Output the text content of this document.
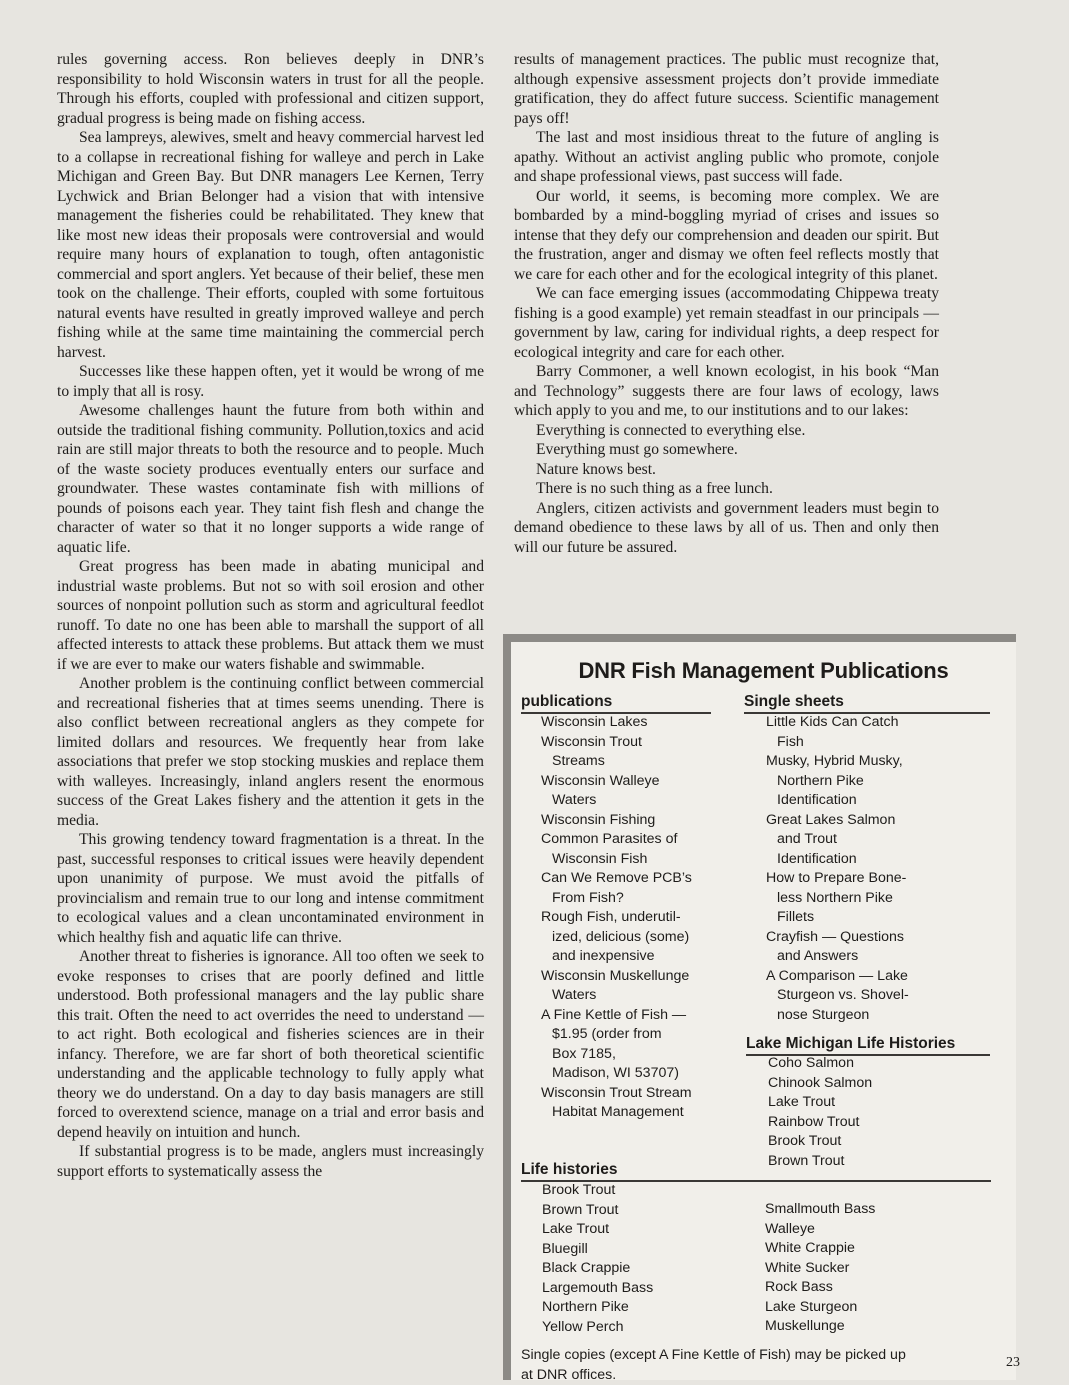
rules governing access. Ron believes deeply in DNR’s responsibility to hold Wisconsin waters in trust for all the people. Through his efforts, coupled with professional and citizen support, gradual progress is being made on fishing access.

Sea lampreys, alewives, smelt and heavy commercial harvest led to a collapse in recreational fishing for walleye and perch in Lake Michigan and Green Bay. But DNR managers Lee Kernen, Terry Lychwick and Brian Belonger had a vision that with intensive management the fisheries could be rehabilitated. They knew that like most new ideas their proposals were controversial and would require many hours of explanation to tough, often antagonistic commercial and sport anglers. Yet because of their belief, these men took on the challenge. Their efforts, coupled with some fortuitous natural events have resulted in greatly improved walleye and perch fishing while at the same time maintaining the commercial perch harvest.

Successes like these happen often, yet it would be wrong of me to imply that all is rosy.

Awesome challenges haunt the future from both within and outside the traditional fishing community. Pollution,toxics and acid rain are still major threats to both the resource and to people. Much of the waste society produces eventually enters our surface and groundwater. These wastes contaminate fish with millions of pounds of poisons each year. They taint fish flesh and change the character of water so that it no longer supports a wide range of aquatic life.

Great progress has been made in abating municipal and industrial waste problems. But not so with soil erosion and other sources of nonpoint pollution such as storm and agricultural feedlot runoff. To date no one has been able to marshall the support of all affected interests to attack these problems. But attack them we must if we are ever to make our waters fishable and swimmable.

Another problem is the continuing conflict between commercial and recreational fisheries that at times seems unending. There is also conflict between recreational anglers as they compete for limited dollars and resources. We frequently hear from lake associations that prefer we stop stocking muskies and replace them with walleyes. Increasingly, inland anglers resent the enormous success of the Great Lakes fishery and the attention it gets in the media.

This growing tendency toward fragmentation is a threat. In the past, successful responses to critical issues were heavily dependent upon unanimity of purpose. We must avoid the pitfalls of provincialism and remain true to our long and intense commitment to ecological values and a clean uncontaminated environment in which healthy fish and aquatic life can thrive.

Another threat to fisheries is ignorance. All too often we seek to evoke responses to crises that are poorly defined and little understood. Both professional managers and the lay public share this trait. Often the need to act overrides the need to understand — to act right. Both ecological and fisheries sciences are in their infancy. Therefore, we are far short of both theoretical scientific understanding and the applicable technology to fully apply what theory we do understand. On a day to day basis managers are still forced to overextend science, manage on a trial and error basis and depend heavily on intuition and hunch.

If substantial progress is to be made, anglers must increasingly support efforts to systematically assess the

results of management practices. The public must recognize that, although expensive assessment projects don’t provide immediate gratification, they do affect future success. Scientific management pays off!

The last and most insidious threat to the future of angling is apathy. Without an activist angling public who promote, conjole and shape professional views, past success will fade.

Our world, it seems, is becoming more complex. We are bombarded by a mind-boggling myriad of crises and issues so intense that they defy our comprehension and deaden our spirit. But the frustration, anger and dismay we often feel reflects mostly that we care for each other and for the ecological integrity of this planet.

We can face emerging issues (accommodating Chippewa treaty fishing is a good example) yet remain steadfast in our principals — government by law, caring for individual rights, a deep respect for ecological integrity and care for each other.

Barry Commoner, a well known ecologist, in his book “Man and Technology” suggests there are four laws of ecology, laws which apply to you and me, to our institutions and to our lakes:

Everything is connected to everything else.

Everything must go somewhere.

Nature knows best.

There is no such thing as a free lunch.

Anglers, citizen activists and government leaders must begin to demand obedience to these laws by all of us. Then and only then will our future be assured.

DNR Fish Management Publications
publications
Wisconsin Lakes
Wisconsin Trout
Streams
Wisconsin Walleye
Waters
Wisconsin Fishing
Common Parasites of
Wisconsin Fish
Can We Remove PCB’s
From Fish?
Rough Fish, underutil-
ized, delicious (some)
and inexpensive
Wisconsin Muskellunge
Waters
A Fine Kettle of Fish —
$1.95 (order from
Box 7185,
Madison, WI 53707)
Wisconsin Trout Stream
Habitat Management
Single sheets
Little Kids Can Catch
Fish
Musky, Hybrid Musky,
Northern Pike
Identification
Great Lakes Salmon
and Trout
Identification
How to Prepare Bone-
less Northern Pike
Fillets
Crayfish — Questions
and Answers
A Comparison — Lake
Sturgeon vs. Shovel-
nose Sturgeon
Lake Michigan Life Histories
Coho Salmon
Chinook Salmon
Lake Trout
Rainbow Trout
Brook Trout
Brown Trout
Life histories
Brook Trout
Brown Trout
Lake Trout
Bluegill
Black Crappie
Largemouth Bass
Northern Pike
Yellow Perch
Smallmouth Bass
Walleye
White Crappie
White Sucker
Rock Bass
Lake Sturgeon
Muskellunge
Single copies (except A Fine Kettle of Fish) may be picked up at DNR offices.
23
